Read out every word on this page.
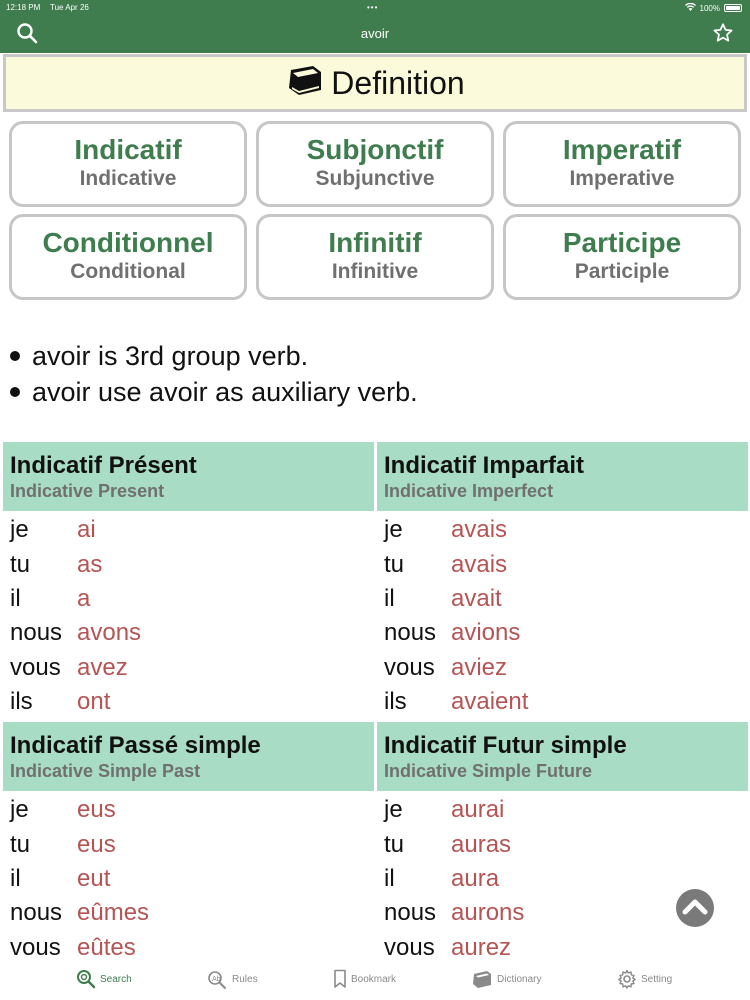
12:18 PM Tue Apr 26	•••	100%
avoir
Definition
Indicatif
Indicative
Subjonctif
Subjunctive
Imperatif
Imperative
Conditionnel
Conditional
Infinitif
Infinitive
Participe
Participle
avoir is 3rd group verb.
avoir use avoir as auxiliary verb.
Indicatif Présent
Indicative Present
je	ai
tu	as
il	a
nous avons
vous avez
ils	ont
Indicatif Imparfait
Indicative Imperfect
je	avais
tu	avais
il	avait
nous avions
vous aviez
ils	avaient
Indicatif Passé simple
Indicative Simple Past
je	eus
tu	eus
il	eut
nous eûmes
vous eûtes
Indicatif Futur simple
Indicative Simple Future
je	aurai
tu	auras
il	aura
nous aurons
vous aurez
Search	Ab Rules	Bookmark	Dictionary	Setting
